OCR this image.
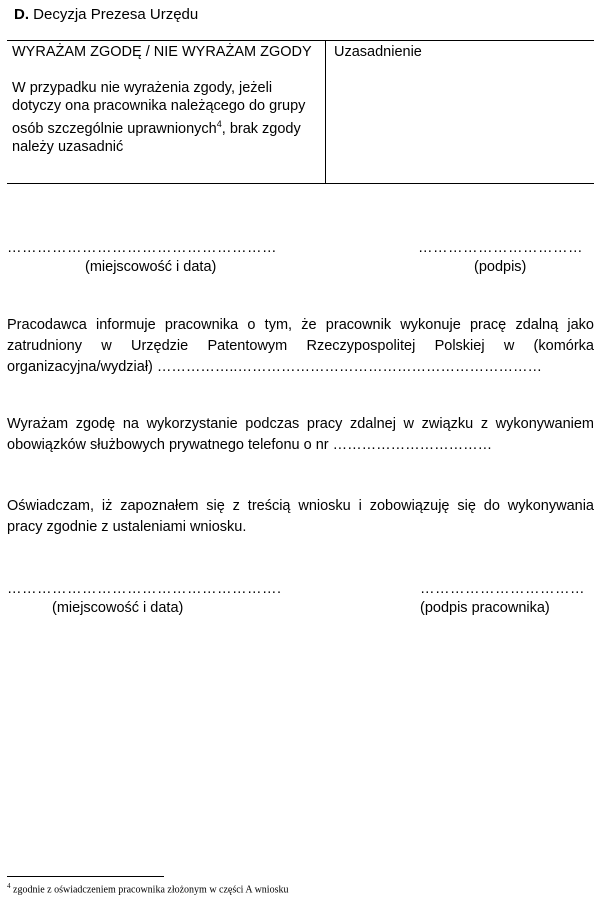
D. Decyzja Prezesa Urzędu
WYRAŻAM ZGODĘ / NIE WYRAŻAM ZGODY
W przypadku nie wyrażenia zgody, jeżeli dotyczy ona pracownika należącego do grupy osób szczególnie uprawnionych$^4$, brak zgody należy uzasadnić
Uzasadnienie
………………………………………………
(miejscowość i data)
……………………………
(podpis)
Pracodawca informuje pracownika o tym, że pracownik wykonuje pracę zdalną jako zatrudniony w Urzędzie Patentowym Rzeczypospolitej Polskiej w (komórka
organizacyjna/wydział) ……………..………………………………………………………
Wyrażam zgodę na wykorzystanie podczas pracy zdalnej w związku z wykonywaniem
obowiązków służbowych prywatnego telefonu o nr ……………………………
Oświadczam, iż zapoznałem się z treścią wniosku i zobowiązuję się do wykonywania
pracy zgodnie z ustaleniami wniosku.
……………………………………………….
(miejscowość i data)
……………………………
(podpis pracownika)
$^4$ zgodnie z oświadczeniem pracownika złożonym w części A wniosku
